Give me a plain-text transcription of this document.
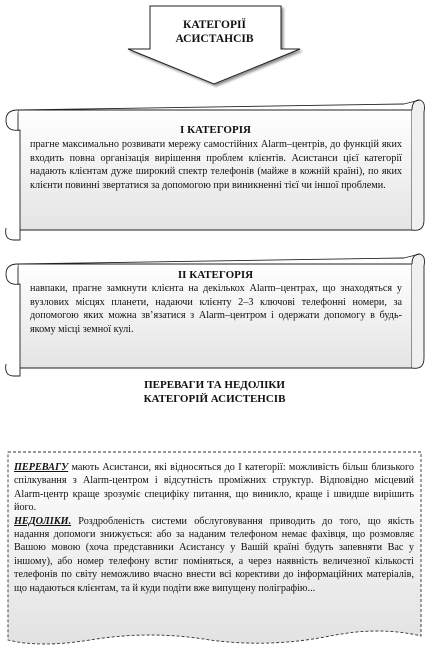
КАТЕГОРІЇ
АСИСТАНСІВ
І КАТЕГОРІЯ
прагне максимально розвивати мережу самостійних Alarm–центрів, до функцій яких входить повна організація вирішення проблем клієнтів. Асистанси цієї категорії надають клієнтам дуже широкий спектр телефонів (майже в кожній країні), по яких клієнти повинні звертатися за допомогою при виникненні тієї чи іншої проблеми.
ІІ КАТЕГОРІЯ
навпаки, прагне замкнути клієнта на декількох Alarm–центрах, що знаходяться у вузлових місцях планети, надаючи клієнту 2–3 ключові телефонні номери, за допомогою яких можна зв’язатися з Alarm–центром і одержати допомогу в будь-якому місці земної кулі.
ПЕРЕВАГИ ТА НЕДОЛІКИ
КАТЕГОРІЙ АСИСТЕНСІВ

ПЕРЕВАГУ мають Асистанси, які відносяться до І категорії: можливість більш близького спілкування з Alarm-центром і відсутність проміжних структур. Відповідно місцевий Alarm-центр краще зрозуміє специфіку питання, що виникло, краще і швидше вирішить його.

НЕДОЛІКИ. Роздробленість системи обслуговування приводить до того, що якість надання допомоги знижується: або за наданим телефоном немає фахівця, що розмовляє Вашою мовою (хоча представники Асистансу у Вашій країні будуть запевняти Вас у іншому), або номер телефону встиг поміняться, а через наявність величезної кількості телефонів по світу неможливо вчасно внести всі корективи до інформаційних матеріалів, що надаються клієнтам, та й куди подіти вже випущену поліграфію...
